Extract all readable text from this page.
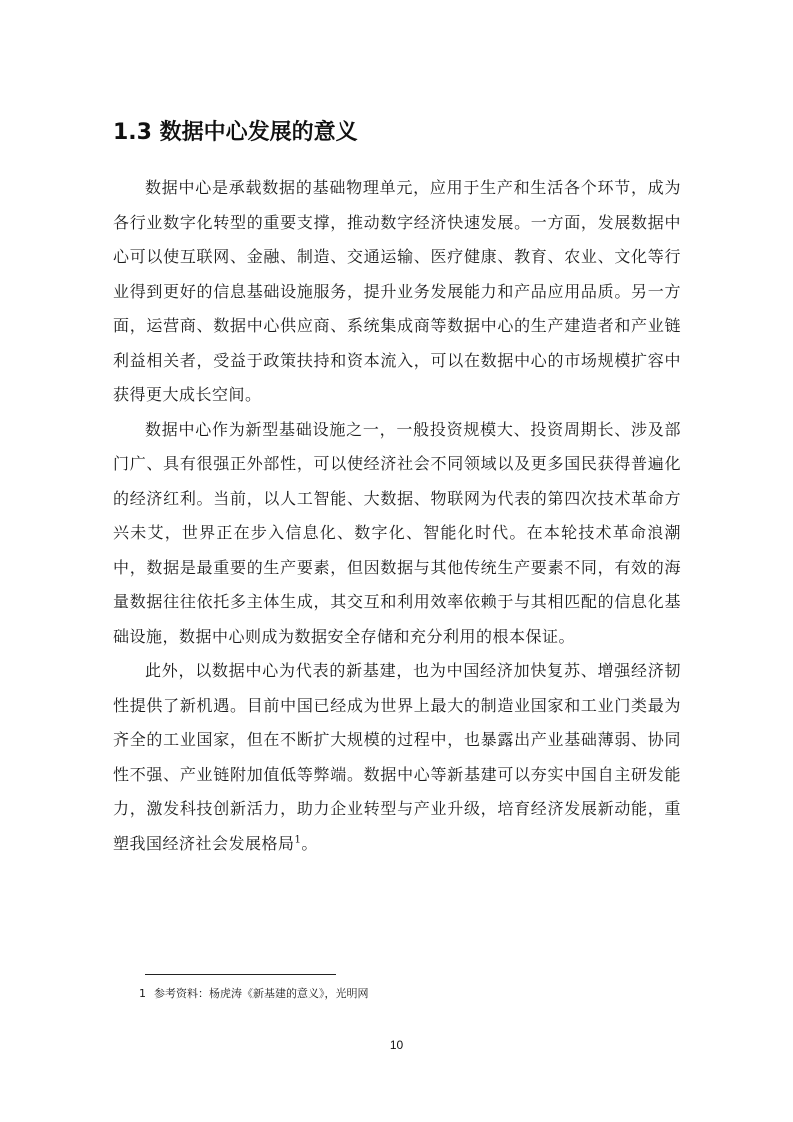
1.3 数据中心发展的意义

数据中心是承载数据的基础物理单元，应用于生产和生活各个环节，成为各行业数字化转型的重要支撑，推动数字经济快速发展。一方面，发展数据中心可以使互联网、金融、制造、交通运输、医疗健康、教育、农业、文化等行业得到更好的信息基础设施服务，提升业务发展能力和产品应用品质。另一方面，运营商、数据中心供应商、系统集成商等数据中心的生产建造者和产业链利益相关者，受益于政策扶持和资本流入，可以在数据中心的市场规模扩容中获得更大成长空间。

数据中心作为新型基础设施之一，一般投资规模大、投资周期长、涉及部门广、具有很强正外部性，可以使经济社会不同领域以及更多国民获得普遍化的经济红利。当前，以人工智能、大数据、物联网为代表的第四次技术革命方兴未艾，世界正在步入信息化、数字化、智能化时代。在本轮技术革命浪潮中，数据是最重要的生产要素，但因数据与其他传统生产要素不同，有效的海量数据往往依托多主体生成，其交互和利用效率依赖于与其相匹配的信息化基础设施，数据中心则成为数据安全存储和充分利用的根本保证。

此外，以数据中心为代表的新基建，也为中国经济加快复苏、增强经济韧性提供了新机遇。目前中国已经成为世界上最大的制造业国家和工业门类最为齐全的工业国家，但在不断扩大规模的过程中，也暴露出产业基础薄弱、协同性不强、产业链附加值低等弊端。数据中心等新基建可以夯实中国自主研发能力，激发科技创新活力，助力企业转型与产业升级，培育经济发展新动能，重塑我国经济社会发展格局$^1$。

1 参考资料：杨虎涛《新基建的意义》，光明网
10
